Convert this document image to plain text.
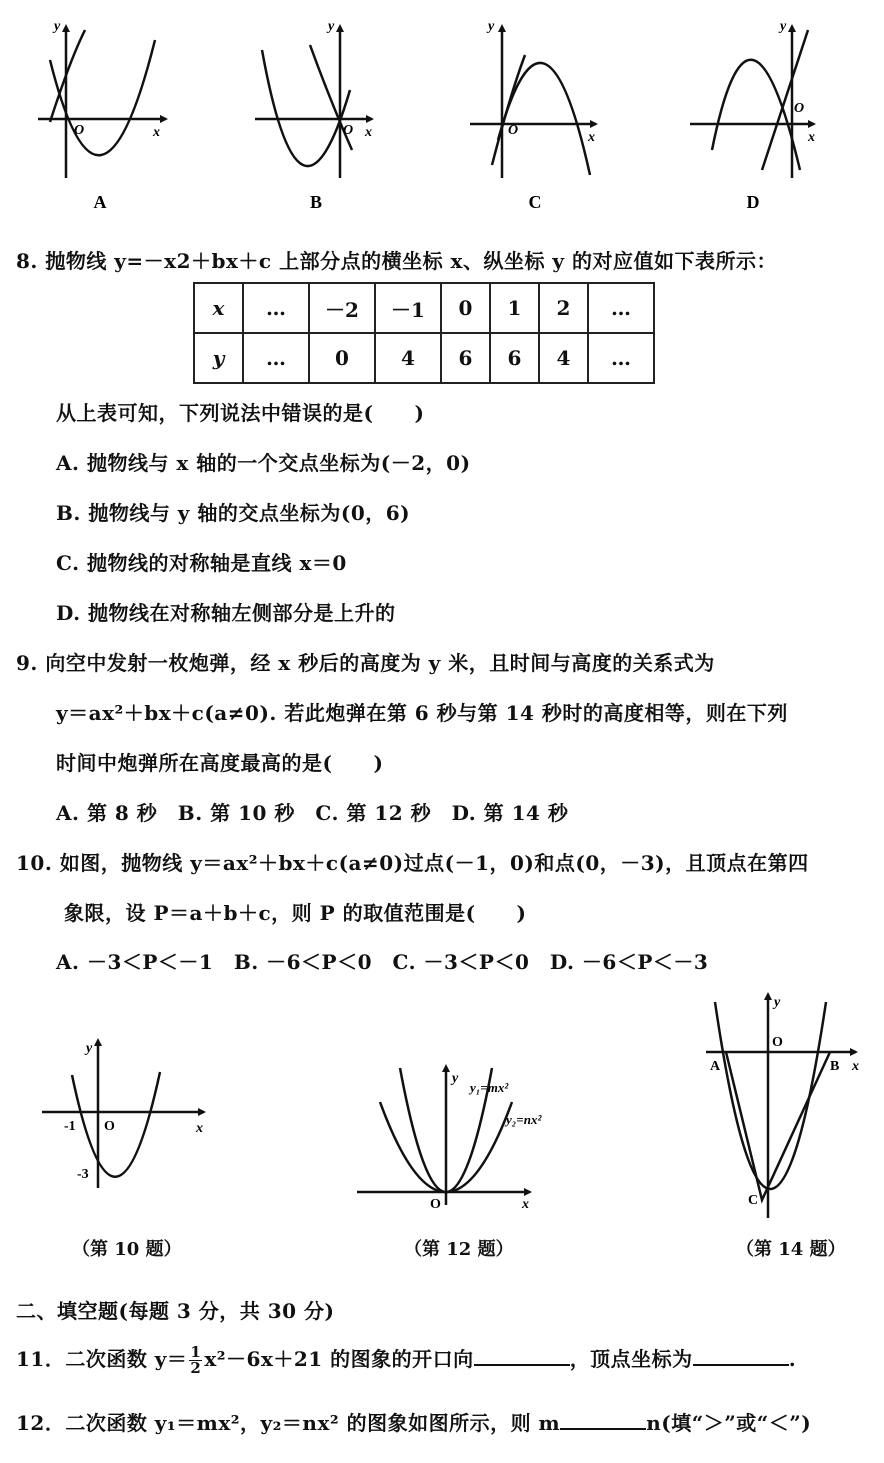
y
x
O
y
x
O
y
x
O
y
x
O
A	B	C	D
8. 抛物线 y=－x2＋bx＋c 上部分点的横坐标 x、纵坐标 y 的对应值如下表所示：
x	…	－2	－1	0	1	2	…
y	…	0	4	6	6	4	…
从上表可知，下列说法中错误的是(　　)
A. 抛物线与 x 轴的一个交点坐标为(－2，0)
B. 抛物线与 y 轴的交点坐标为(0，6)
C. 抛物线的对称轴是直线 x＝0
D. 抛物线在对称轴左侧部分是上升的
9. 向空中发射一枚炮弹，经 x 秒后的高度为 y 米，且时间与高度的关系式为
y＝ax²＋bx＋c(a≠0). 若此炮弹在第 6 秒与第 14 秒时的高度相等，则在下列
时间中炮弹所在高度最高的是(　　)
A. 第 8 秒　B. 第 10 秒　C. 第 12 秒　D. 第 14 秒
10. 如图，抛物线 y＝ax²＋bx＋c(a≠0)过点(－1，0)和点(0，－3)，且顶点在第四
象限，设 P＝a＋b＋c，则 P 的取值范围是(　　)
A. －3＜P＜－1　B. －6＜P＜0　C. －3＜P＜0　D. －6＜P＜－3
y
x
O
-1
-3
y
x
O
y₁=mx²
y₂=nx²
y
x
O
A	B
C
（第 10 题）	（第 12 题）	（第 14 题）
二、填空题(每题 3 分，共 30 分)
11．二次函数 $y= \frac{1}{2} x^2-6x+21$ 的图象的开口向	，顶点坐标为	.
12．二次函数 y₁＝mx²，y₂＝nx² 的图象如图所示，则 m	n(填“＞”或“＜”)
